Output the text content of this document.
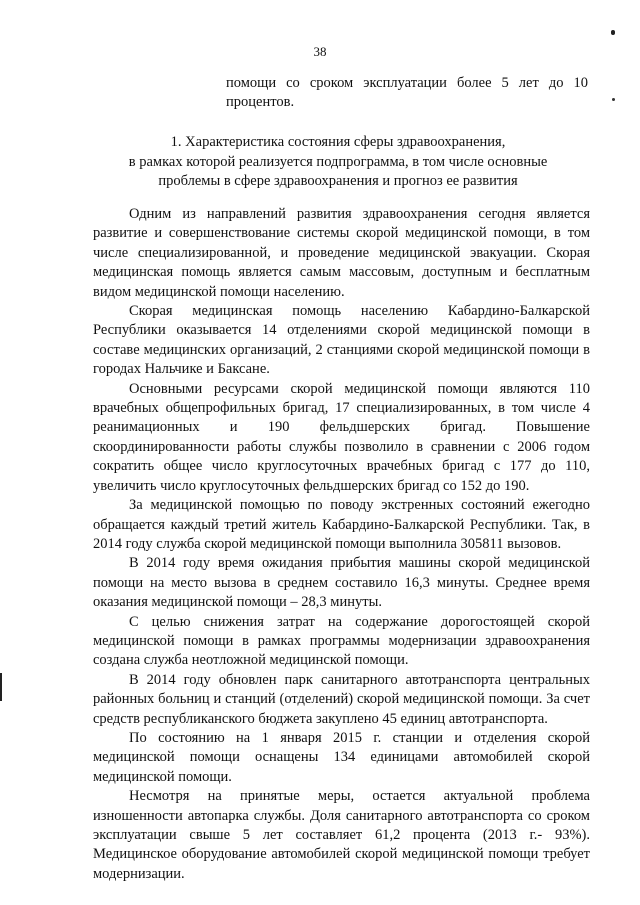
38
помощи со сроком эксплуатации более 5 лет до 10 процентов.
1. Характеристика состояния сферы здравоохранения,
в рамках которой реализуется подпрограмма, в том числе основные
проблемы в сфере здравоохранения и прогноз ее развития

Одним из направлений развития здравоохранения сегодня является развитие и совершенствование системы скорой медицинской помощи, в том числе специализированной, и проведение медицинской эвакуации. Скорая медицинская помощь является самым массовым, доступным и бесплатным видом медицинской помощи населению.

Скорая медицинская помощь населению Кабардино-Балкарской Республики оказывается 14 отделениями скорой медицинской помощи в составе медицинских организаций, 2 станциями скорой медицинской помощи в городах Нальчике и Баксане.

Основными ресурсами скорой медицинской помощи являются 110 врачебных общепрофильных бригад, 17 специализированных, в том числе 4 реанимационных и 190 фельдшерских бригад. Повышение скоординированности работы службы позволило в сравнении с 2006 годом сократить общее число круглосуточных врачебных бригад с 177 до 110, увеличить число круглосуточных фельдшерских бригад со 152 до 190.

За медицинской помощью по поводу экстренных состояний ежегодно обращается каждый третий житель Кабардино-Балкарской Республики. Так, в 2014 году служба скорой медицинской помощи выполнила 305811 вызовов.

В 2014 году время ожидания прибытия машины скорой медицинской помощи на место вызова в среднем составило 16,3 минуты. Среднее время оказания медицинской помощи – 28,3 минуты.

С целью снижения затрат на содержание дорогостоящей скорой медицинской помощи в рамках программы модернизации здравоохранения создана служба неотложной медицинской помощи.

В 2014 году обновлен парк санитарного автотранспорта центральных районных больниц и станций (отделений) скорой медицинской помощи. За счет средств республиканского бюджета закуплено 45 единиц автотранспорта.

По состоянию на 1 января 2015 г. станции и отделения скорой медицинской помощи оснащены 134 единицами автомобилей скорой медицинской помощи.

Несмотря на принятые меры, остается актуальной проблема изношенности автопарка службы. Доля санитарного автотранспорта со сроком эксплуатации свыше 5 лет составляет 61,2 процента (2013 г.- 93%). Медицинское оборудование автомобилей скорой медицинской помощи требует модернизации.
